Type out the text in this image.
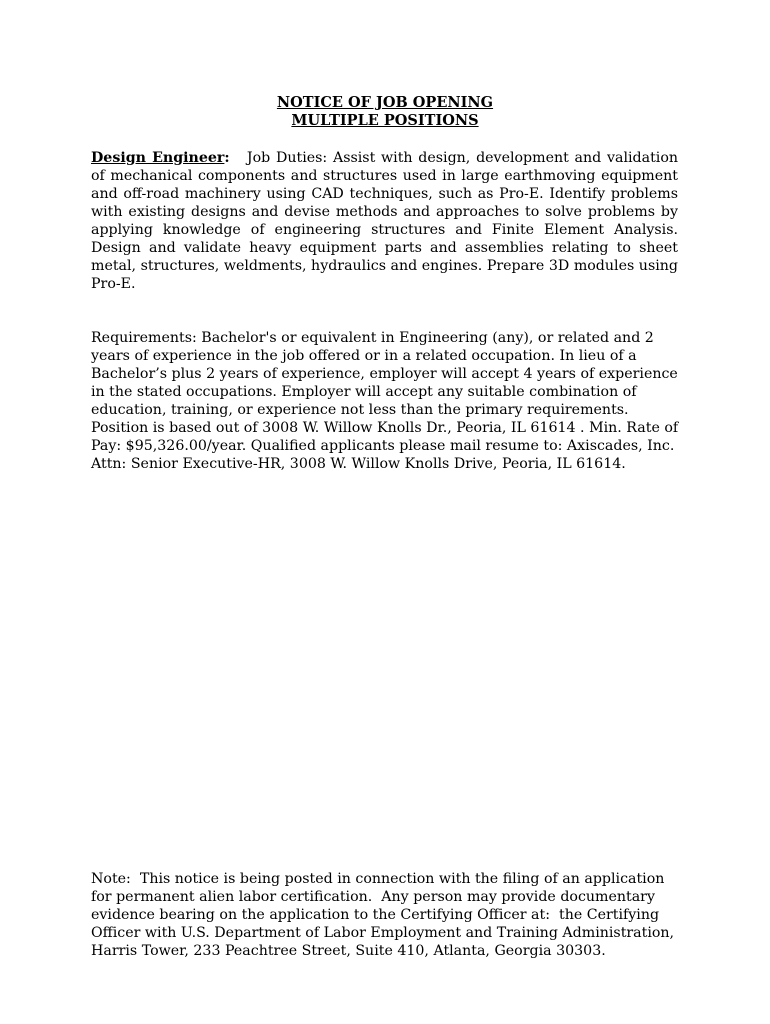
NOTICE OF JOB OPENING
MULTIPLE POSITIONS

Design Engineer: Job Duties: Assist with design, development and validation of mechanical components and structures used in large earthmoving equipment and off-road machinery using CAD techniques, such as Pro-E. Identify problems with existing designs and devise methods and approaches to solve problems by applying knowledge of engineering structures and Finite Element Analysis. Design and validate heavy equipment parts and assemblies relating to sheet metal, structures, weldments, hydraulics and engines. Prepare 3D modules using Pro-E.

Requirements: Bachelor's or equivalent in Engineering (any), or related and 2 years of experience in the job offered or in a related occupation. In lieu of a Bachelor’s plus 2 years of experience, employer will accept 4 years of experience in the stated occupations. Employer will accept any suitable combination of education, training, or experience not less than the primary requirements. Position is based out of 3008 W. Willow Knolls Dr., Peoria, IL 61614 . Min. Rate of Pay: $95,326.00/year. Qualified applicants please mail resume to: Axiscades, Inc. Attn: Senior Executive-HR, 3008 W. Willow Knolls Drive, Peoria, IL 61614.

Note:  This notice is being posted in connection with the filing of an application for permanent alien labor certification.  Any person may provide documentary evidence bearing on the application to the Certifying Officer at:  the Certifying Officer with U.S. Department of Labor Employment and Training Administration, Harris Tower, 233 Peachtree Street, Suite 410, Atlanta, Georgia 30303.
